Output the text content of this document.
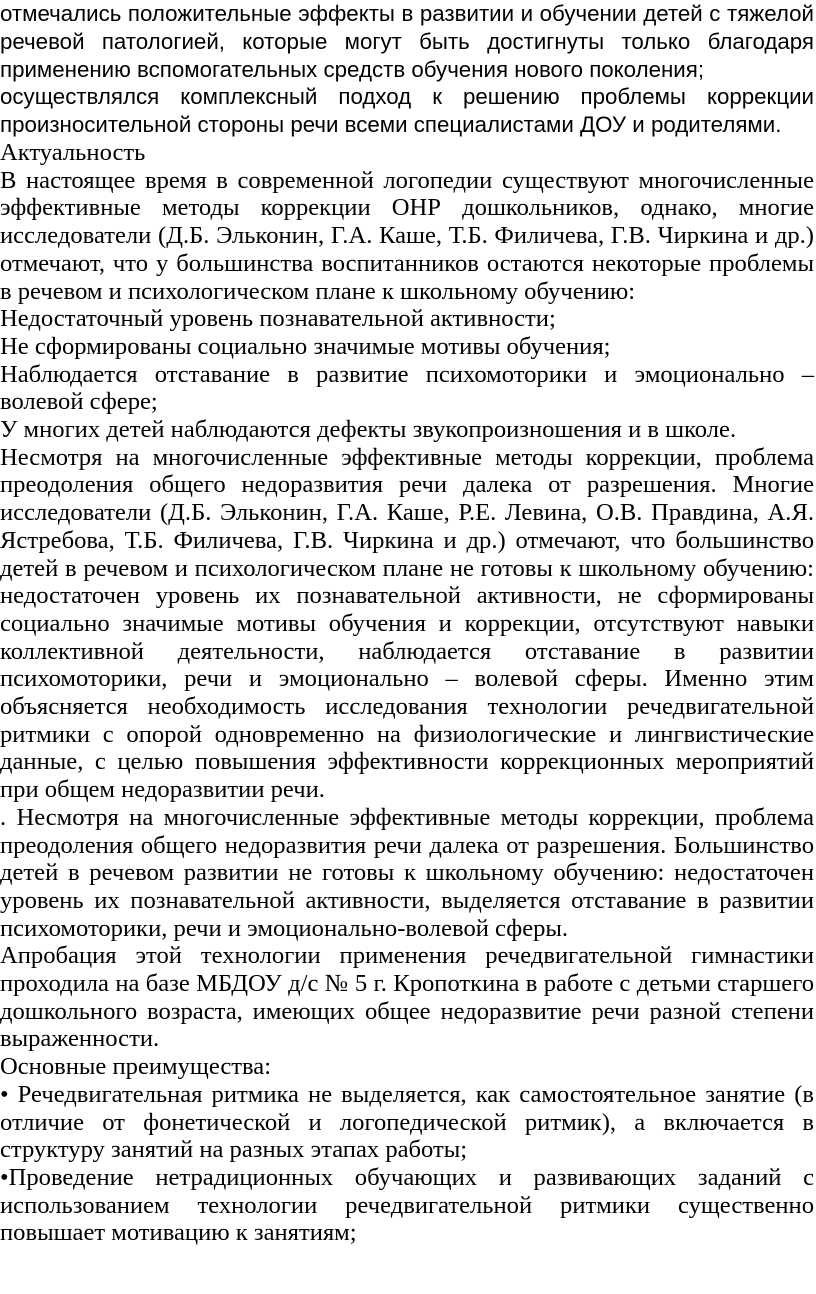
отмечались положительные эффекты в развитии и обучении детей с тяжелой речевой патологией, которые могут быть достигнуты только благодаря применению вспомогательных средств обучения нового поколения;

осуществлялся комплексный подход к решению проблемы коррекции произносительной стороны речи всеми специалистами ДОУ и родителями.

Актуальность

В настоящее время в современной логопедии существуют многочисленные эффективные методы коррекции ОНР дошкольников, однако, многие исследователи (Д.Б. Эльконин, Г.А. Каше, Т.Б. Филичева, Г.В. Чиркина и др.) отмечают, что у большинства воспитанников остаются некоторые проблемы в речевом и психологическом плане к школьному обучению:

Недостаточный уровень познавательной активности;

Не сформированы социально значимые мотивы обучения;

Наблюдается отставание в развитие психомоторики и эмоционально – волевой сфере;

У многих детей наблюдаются дефекты звукопроизношения и в школе.

Несмотря на многочисленные эффективные методы коррекции, проблема преодоления общего недоразвития речи далека от разрешения. Многие исследователи (Д.Б. Эльконин, Г.А. Каше, Р.Е. Левина, О.В. Правдина, А.Я. Ястребова, Т.Б. Филичева, Г.В. Чиркина и др.) отмечают, что большинство детей в речевом и психологическом плане не готовы к школьному обучению: недостаточен уровень их познавательной активности, не сформированы социально значимые мотивы обучения и коррекции, отсутствуют навыки коллективной деятельности, наблюдается отставание в развитии психомоторики, речи и эмоционально – волевой сферы. Именно этим объясняется необходимость исследования технологии речедвигательной ритмики с опорой одновременно на физиологические и лингвистические данные, с целью повышения эффективности коррекционных мероприятий при общем недоразвитии речи.

. Несмотря на многочисленные эффективные методы коррекции, проблема преодоления общего недоразвития речи далека от разрешения. Большинство детей в речевом развитии не готовы к школьному обучению: недостаточен уровень их познавательной активности, выделяется отставание в развитии психомоторики, речи и эмоционально-волевой сферы.

Апробация этой технологии применения речедвигательной гимнастики проходила на базе МБДОУ д/с № 5 г. Кропоткина в работе с детьми старшего дошкольного возраста, имеющих общее недоразвитие речи разной степени выраженности.

Основные преимущества:

• Речедвигательная ритмика не выделяется, как самостоятельное занятие (в отличие от фонетической и логопедической ритмик), а включается в структуру занятий на разных этапах работы;

•Проведение нетрадиционных обучающих и развивающих заданий с использованием технологии речедвигательной ритмики существенно повышает мотивацию к занятиям;
